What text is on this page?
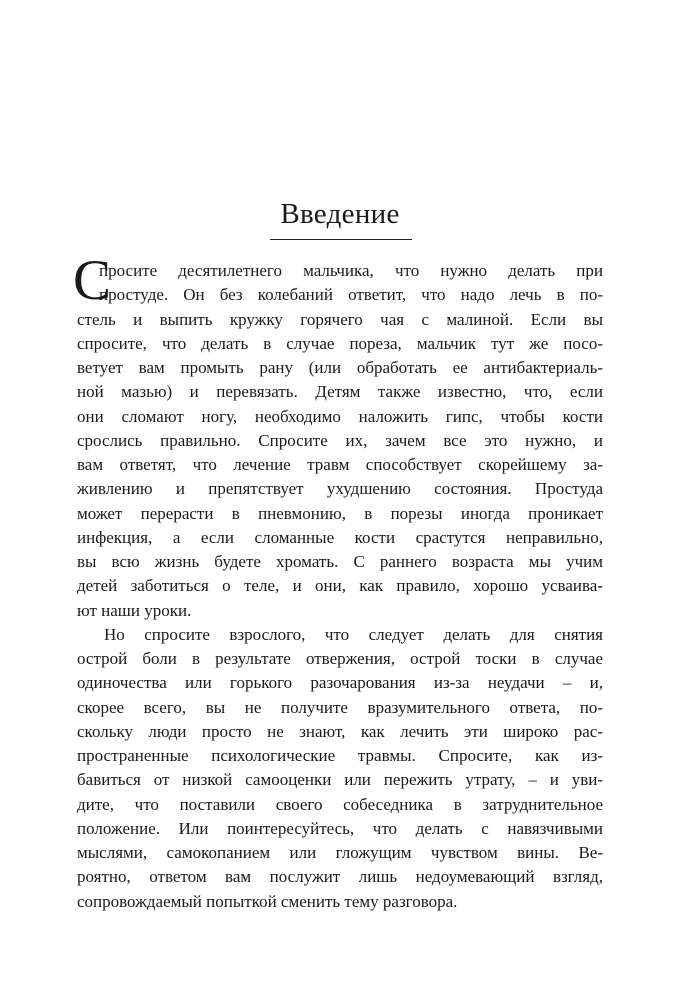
Введение
С
просите десятилетнего мальчика, что нужно делать при
простуде. Он без колебаний ответит, что надо лечь в по-
стель и выпить кружку горячего чая с малиной. Если вы
спросите, что делать в случае пореза, мальчик тут же посо-
ветует вам промыть рану (или обработать ее антибактериаль-
ной мазью) и перевязать. Детям также известно, что, если
они сломают ногу, необходимо наложить гипс, чтобы кости
срослись правильно. Спросите их, зачем все это нужно, и
вам ответят, что лечение травм способствует скорейшему за-
живлению и препятствует ухудшению состояния. Простуда
может перерасти в пневмонию, в порезы иногда проникает
инфекция, а если сломанные кости срастутся неправильно,
вы всю жизнь будете хромать. С раннего возраста мы учим
детей заботиться о теле, и они, как правило, хорошо усваива-
ют наши уроки.
Но спросите взрослого, что следует делать для снятия
острой боли в результате отвержения, острой тоски в случае
одиночества или горького разочарования из-за неудачи – и,
скорее всего, вы не получите вразумительного ответа, по-
скольку люди просто не знают, как лечить эти широко рас-
пространенные психологические травмы. Спросите, как из-
бавиться от низкой самооценки или пережить утрату, – и уви-
дите, что поставили своего собеседника в затруднительное
положение. Или поинтересуйтесь, что делать с навязчивыми
мыслями, самокопанием или гложущим чувством вины. Ве-
роятно, ответом вам послужит лишь недоумевающий взгляд,
сопровождаемый попыткой сменить тему разговора.
